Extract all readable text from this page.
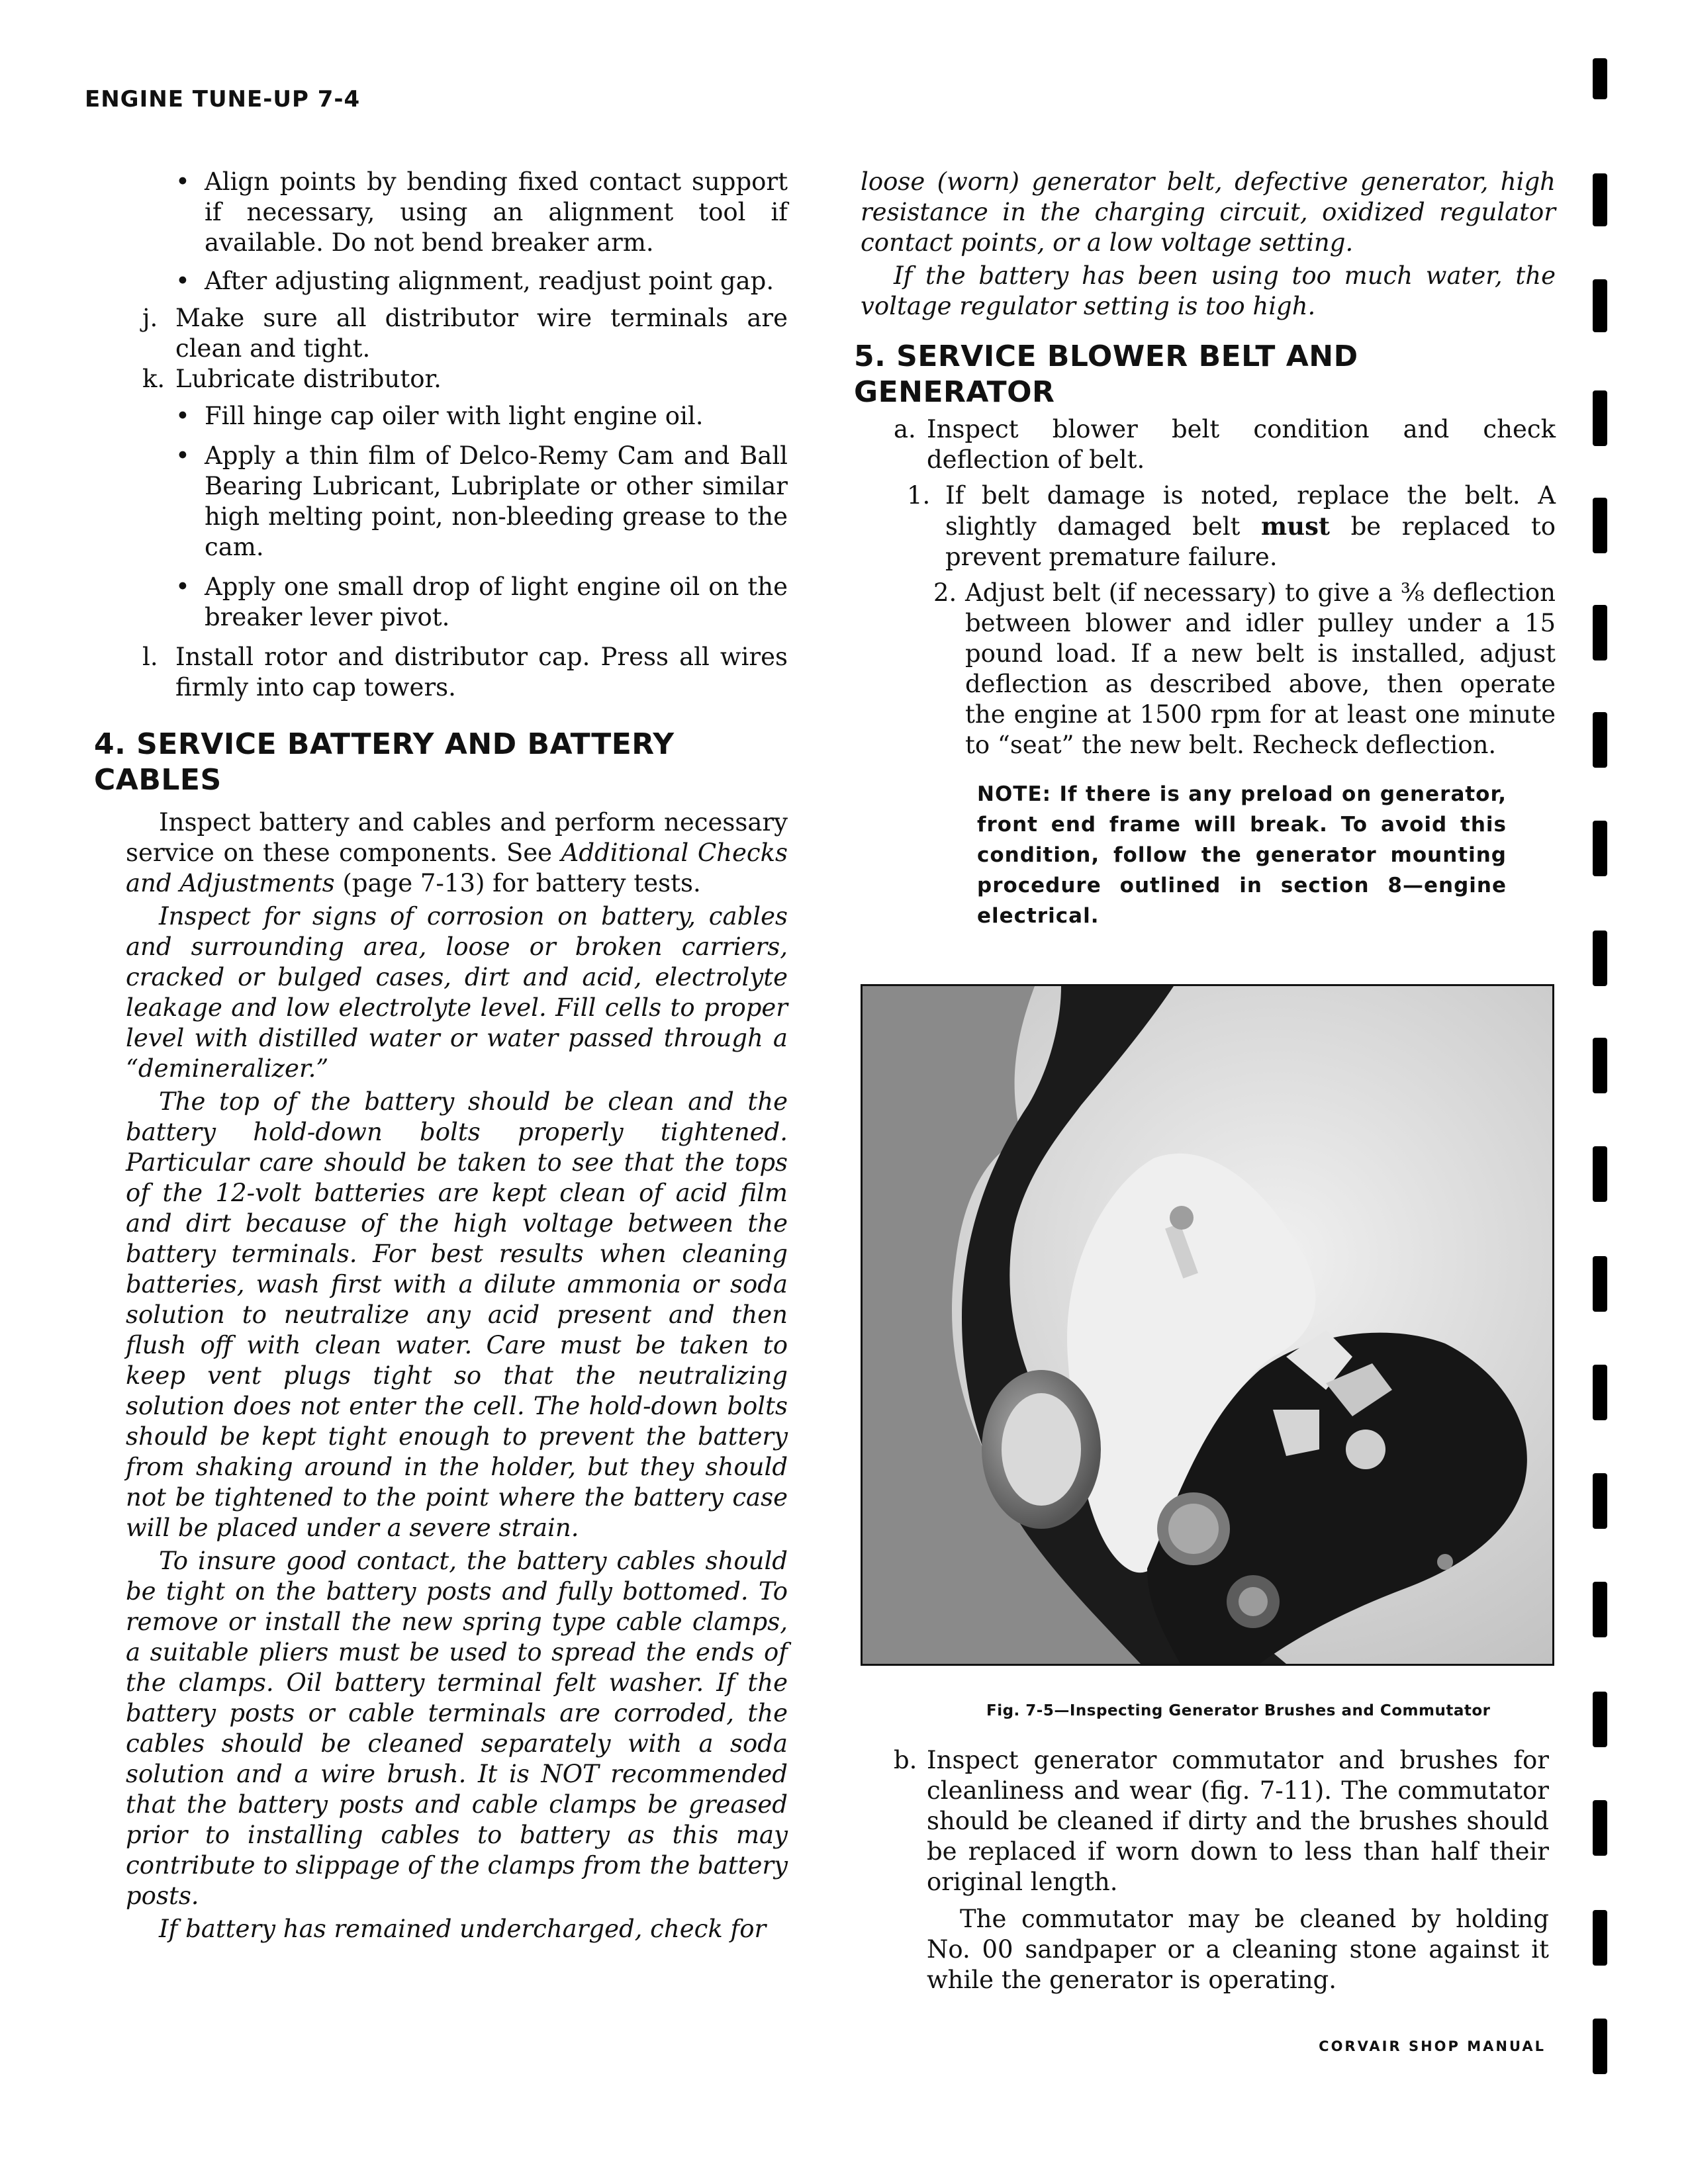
ENGINE TUNE-UP 7-4
• Align points by bending fixed contact support if necessary, using an alignment tool if available. Do not bend breaker arm.
• After adjusting alignment, readjust point gap.
j. Make sure all distributor wire terminals are clean and tight.
k. Lubricate distributor.
• Fill hinge cap oiler with light engine oil.
• Apply a thin film of Delco-Remy Cam and Ball Bearing Lubricant, Lubriplate or other similar high melting point, non-bleeding grease to the cam.
• Apply one small drop of light engine oil on the breaker lever pivot.
l. Install rotor and distributor cap. Press all wires firmly into cap towers.
4. SERVICE BATTERY AND BATTERY CABLES

Inspect battery and cables and perform necessary service on these components. See Additional Checks and Adjustments (page 7-13) for battery tests.

Inspect for signs of corrosion on battery, cables and surrounding area, loose or broken carriers, cracked or bulged cases, dirt and acid, electrolyte leakage and low electrolyte level. Fill cells to proper level with distilled water or water passed through a “demineralizer.”

The top of the battery should be clean and the battery hold-down bolts properly tightened. Particular care should be taken to see that the tops of the 12-volt batteries are kept clean of acid film and dirt because of the high voltage between the battery terminals. For best results when cleaning batteries, wash first with a dilute ammonia or soda solution to neutralize any acid present and then flush off with clean water. Care must be taken to keep vent plugs tight so that the neutralizing solution does not enter the cell. The hold-down bolts should be kept tight enough to prevent the battery from shaking around in the holder, but they should not be tightened to the point where the battery case will be placed under a severe strain.

To insure good contact, the battery cables should be tight on the battery posts and fully bottomed. To remove or install the new spring type cable clamps, a suitable pliers must be used to spread the ends of the clamps. Oil battery terminal felt washer. If the battery posts or cable terminals are corroded, the cables should be cleaned separately with a soda solution and a wire brush. It is NOT recommended that the battery posts and cable clamps be greased prior to installing cables to battery as this may contribute to slippage of the clamps from the battery posts.

If battery has remained undercharged, check for

loose (worn) generator belt, defective generator, high resistance in the charging circuit, oxidized regulator contact points, or a low voltage setting.

If the battery has been using too much water, the voltage regulator setting is too high.

5. SERVICE BLOWER BELT AND GENERATOR
a. Inspect blower belt condition and check deflection of belt.
1. If belt damage is noted, replace the belt. A slightly damaged belt must be replaced to prevent premature failure.
2. Adjust belt (if necessary) to give a ⅜ deflection between blower and idler pulley under a 15 pound load. If a new belt is installed, adjust deflection as described above, then operate the engine at 1500 rpm for at least one minute to “seat” the new belt. Recheck deflection.
NOTE: If there is any preload on generator, front end frame will break. To avoid this condition, follow the generator mounting procedure outlined in section 8—engine electrical.
Fig. 7-5—Inspecting Generator Brushes and Commutator
b. Inspect generator commutator and brushes for cleanliness and wear (fig. 7-11). The commutator should be cleaned if dirty and the brushes should be replaced if worn down to less than half their original length.

The commutator may be cleaned by holding No. 00 sandpaper or a cleaning stone against it while the generator is operating.

CORVAIR SHOP MANUAL
